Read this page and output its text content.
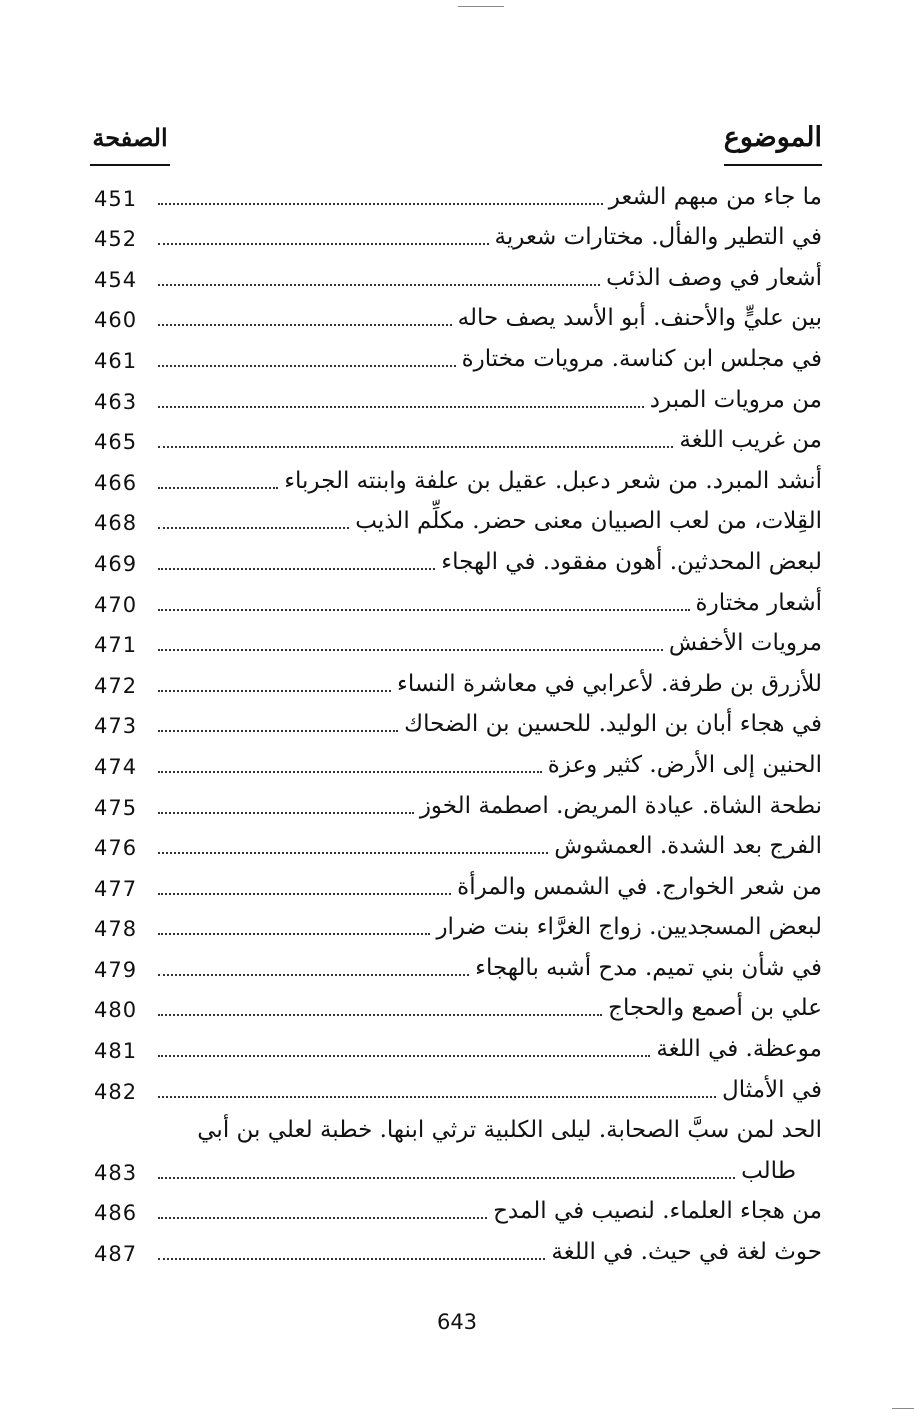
الموضوع
الصفحة
451	ما جاء من مبهم الشعر
452	في التطير والفأل. مختارات شعرية
454	أشعار في وصف الذئب
460	بين عليٍّ والأحنف. أبو الأسد يصف حاله
461	في مجلس ابن كناسة. مرويات مختارة
463	من مرويات المبرد
465	من غريب اللغة
466	أنشد المبرد. من شعر دعبل. عقيل بن علفة وابنته الجرباء
468	القِلات، من لعب الصبيان معنى حضر. مكلِّم الذيب
469	لبعض المحدثين. أهون مفقود. في الهجاء
470	أشعار مختارة
471	مرويات الأخفش
472	للأزرق بن طرفة. لأعرابي في معاشرة النساء
473	في هجاء أبان بن الوليد. للحسين بن الضحاك
474	الحنين إلى الأرض. كثير وعزة
475	نطحة الشاة. عيادة المريض. اصطمة الخوز
476	الفرج بعد الشدة. العمشوش
477	من شعر الخوارج. في الشمس والمرأة
478	لبعض المسجديين. زواج الغرَّاء بنت ضرار
479	في شأن بني تميم. مدح أشبه بالهجاء
480	علي بن أصمع والحجاج
481	موعظة. في اللغة
482	في الأمثال
الحد لمن سبَّ الصحابة. ليلى الكلبية ترثي ابنها. خطبة لعلي بن أبي
483	طالب
486	من هجاء العلماء. لنصيب في المدح
487	حوث لغة في حيث. في اللغة
643
